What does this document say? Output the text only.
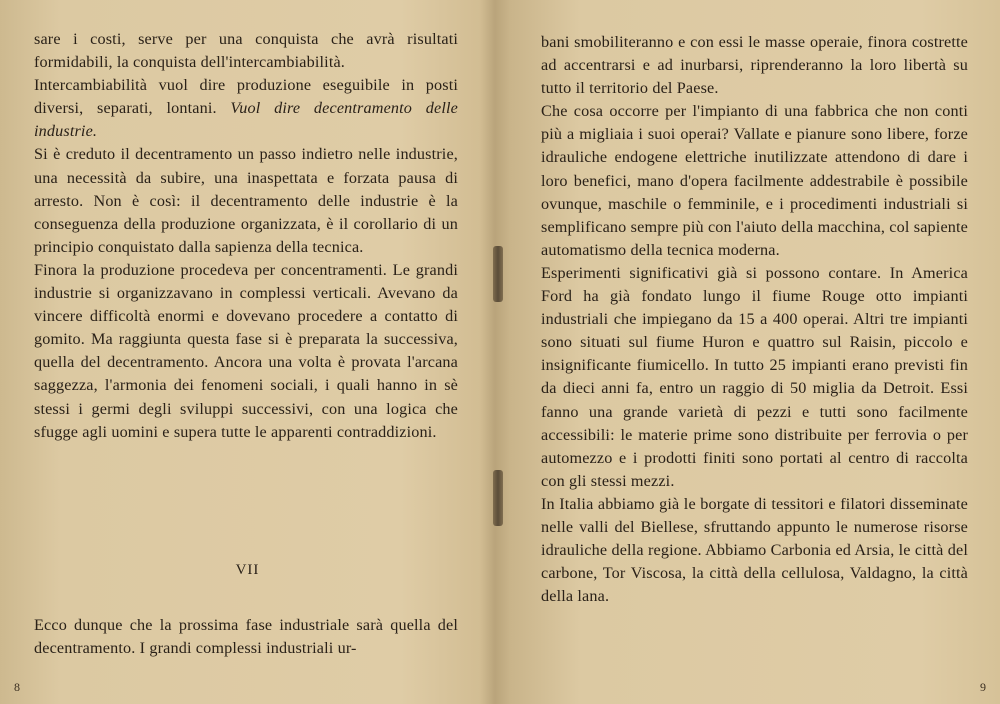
sare i costi, serve per una conquista che avrà risultati formidabili, la conquista dell'intercambiabilità.

Intercambiabilità vuol dire produzione eseguibile in posti diversi, separati, lontani. Vuol dire decentramento delle industrie.

Si è creduto il decentramento un passo indietro nelle industrie, una necessità da subire, una inaspettata e forzata pausa di arresto. Non è così: il decentramento delle industrie è la conseguenza della produzione organizzata, è il corollario di un principio conquistato dalla sapienza della tecnica.

Finora la produzione procedeva per concentramenti. Le grandi industrie si organizzavano in complessi verticali. Avevano da vincere difficoltà enormi e dovevano procedere a contatto di gomito. Ma raggiunta questa fase si è preparata la successiva, quella del decentramento. Ancora una volta è provata l'arcana saggezza, l'armonia dei fenomeni sociali, i quali hanno in sè stessi i germi degli sviluppi successivi, con una logica che sfugge agli uomini e supera tutte le apparenti contraddizioni.

VII

Ecco dunque che la prossima fase industriale sarà quella del decentramento. I grandi complessi industriali ur-

8

bani smobiliteranno e con essi le masse operaie, finora costrette ad accentrarsi e ad inurbarsi, riprenderanno la loro libertà su tutto il territorio del Paese.

Che cosa occorre per l'impianto di una fabbrica che non conti più a migliaia i suoi operai? Vallate e pianure sono libere, forze idrauliche endogene elettriche inutilizzate attendono di dare i loro benefici, mano d'opera facilmente addestrabile è possibile ovunque, maschile o femminile, e i procedimenti industriali si semplificano sempre più con l'aiuto della macchina, col sapiente automatismo della tecnica moderna.

Esperimenti significativi già si possono contare. In America Ford ha già fondato lungo il fiume Rouge otto impianti industriali che impiegano da 15 a 400 operai. Altri tre impianti sono situati sul fiume Huron e quattro sul Raisin, piccolo e insignificante fiumicello. In tutto 25 impianti erano previsti fin da dieci anni fa, entro un raggio di 50 miglia da Detroit. Essi fanno una grande varietà di pezzi e tutti sono facilmente accessibili: le materie prime sono distribuite per ferrovia o per automezzo e i prodotti finiti sono portati al centro di raccolta con gli stessi mezzi.

In Italia abbiamo già le borgate di tessitori e filatori disseminate nelle valli del Biellese, sfruttando appunto le numerose risorse idrauliche della regione. Abbiamo Carbonia ed Arsia, le città del carbone, Tor Viscosa, la città della cellulosa, Valdagno, la città della lana.

9
